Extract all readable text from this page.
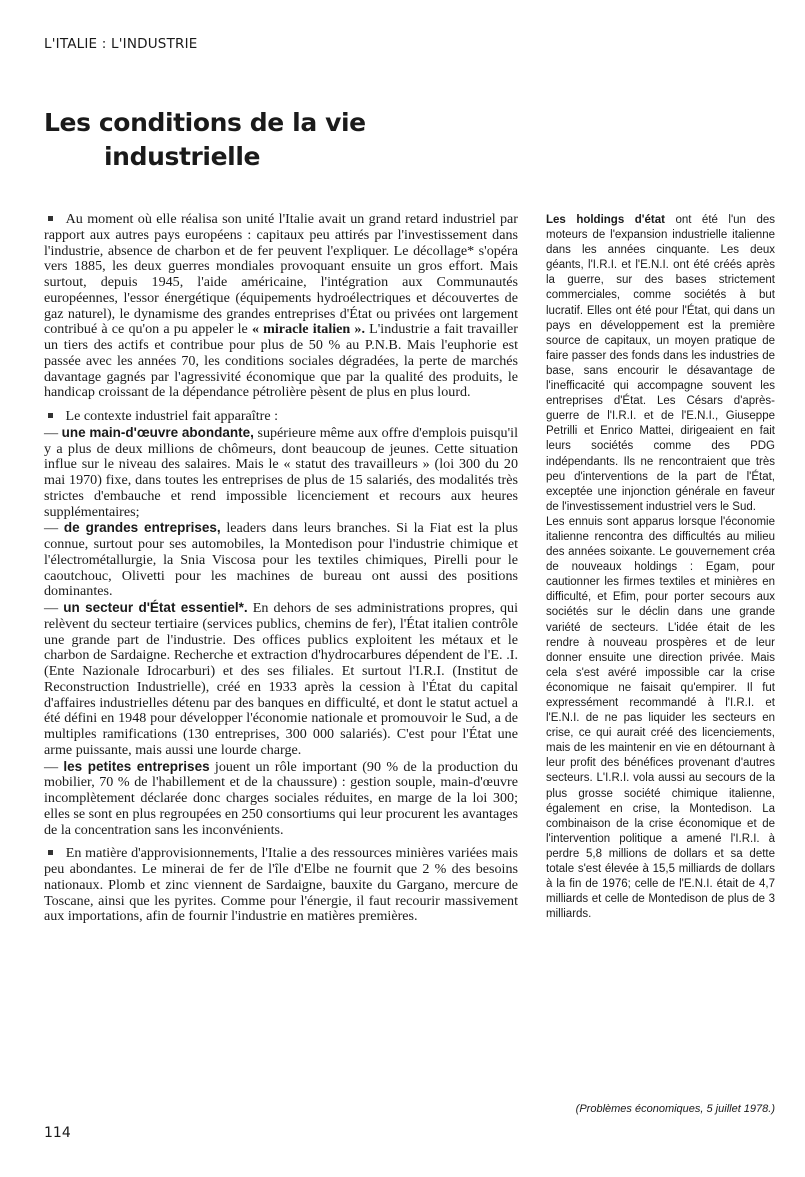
L'ITALIE : L'INDUSTRIE
Les conditions de la vie
industrielle

Au moment où elle réalisa son unité l'Italie avait un grand retard industriel par rapport aux autres pays européens : capitaux peu attirés par l'investissement dans l'industrie, absence de charbon et de fer peuvent l'expliquer. Le décollage* s'opéra vers 1885, les deux guerres mondiales provoquant ensuite un gros effort. Mais surtout, depuis 1945, l'aide américaine, l'intégration aux Communautés européennes, l'essor énergétique (équipements hydroélectriques et découvertes de gaz naturel), le dynamisme des grandes entreprises d'État ou privées ont largement contribué à ce qu'on a pu appeler le « miracle italien ». L'industrie a fait travailler un tiers des actifs et contribue pour plus de 50 % au P.N.B. Mais l'euphorie est passée avec les années 70, les conditions sociales dégradées, la perte de marchés davantage gagnés par l'agressivité économique que par la qualité des produits, le handicap croissant de la dépendance pétrolière pèsent de plus en plus lourd.

Le contexte industriel fait apparaître :
— une main-d'œuvre abondante, supérieure même aux offre d'emplois puisqu'il y a plus de deux millions de chômeurs, dont beaucoup de jeunes. Cette situation influe sur le niveau des salaires. Mais le « statut des travailleurs » (loi 300 du 20 mai 1970) fixe, dans toutes les entreprises de plus de 15 salariés, des modalités très strictes d'embauche et rend impossible licenciement et recours aux heures supplémentaires;
— de grandes entreprises, leaders dans leurs branches. Si la Fiat est la plus connue, surtout pour ses automobiles, la Montedison pour l'industrie chimique et l'électrométallurgie, la Snia Viscosa pour les textiles chimiques, Pirelli pour le caoutchouc, Olivetti pour les machines de bureau ont aussi des positions dominantes.
— un secteur d'État essentiel*. En dehors de ses administrations propres, qui relèvent du secteur tertiaire (services publics, chemins de fer), l'État italien contrôle une grande part de l'industrie. Des offices publics exploitent les métaux et le charbon de Sardaigne. Recherche et extraction d'hydrocarbures dépendent de l'E. .I. (Ente Nazionale Idrocarburi) et des ses filiales. Et surtout l'I.R.I. (Institut de Reconstruction Industrielle), créé en 1933 après la cession à l'État du capital d'affaires industrielles détenu par des banques en difficulté, et dont le statut actuel a été défini en 1948 pour développer l'économie nationale et promouvoir le Sud, a de multiples ramifications (130 entreprises, 300 000 salariés). C'est pour l'État une arme puissante, mais aussi une lourde charge.
— les petites entreprises jouent un rôle important (90 % de la production du mobilier, 70 % de l'habillement et de la chaussure) : gestion souple, main-d'œuvre incomplètement déclarée donc charges sociales réduites, en marge de la loi 300; elles se sont en plus regroupées en 250 consortiums qui leur procurent les avantages de la concentration sans les inconvénients.

En matière d'approvisionnements, l'Italie a des ressources minières variées mais peu abondantes. Le minerai de fer de l'île d'Elbe ne fournit que 2 % des besoins nationaux. Plomb et zinc viennent de Sardaigne, bauxite du Gargano, mercure de Toscane, ainsi que les pyrites. Comme pour l'énergie, il faut recourir massivement aux importations, afin de fournir l'industrie en matières premières.

Les holdings d'état ont été l'un des moteurs de l'expansion industrielle italienne dans les années cinquante. Les deux géants, l'I.R.I. et l'E.N.I. ont été créés après la guerre, sur des bases strictement commerciales, comme sociétés à but lucratif. Elles ont été pour l'État, qui dans un pays en développement est la première source de capitaux, un moyen pratique de faire passer des fonds dans les industries de base, sans encourir le désavantage de l'inefficacité qui accompagne souvent les entreprises d'État. Les Césars d'après-guerre de l'I.R.I. et de l'E.N.I., Giuseppe Petrilli et Enrico Mattei, dirigeaient en fait leurs sociétés comme des PDG indépendants. Ils ne rencontraient que très peu d'interventions de la part de l'État, exceptée une injonction générale en faveur de l'investissement industriel vers le Sud.

Les ennuis sont apparus lorsque l'économie italienne rencontra des difficultés au milieu des années soixante. Le gouvernement créa de nouveaux holdings : Egam, pour cautionner les firmes textiles et minières en difficulté, et Efim, pour porter secours aux sociétés sur le déclin dans une grande variété de secteurs. L'idée était de les rendre à nouveau prospères et de leur donner ensuite une direction privée. Mais cela s'est avéré impossible car la crise économique ne faisait qu'empirer. Il fut expressément recommandé à l'I.R.I. et l'E.N.I. de ne pas liquider les secteurs en crise, ce qui aurait créé des licenciements, mais de les maintenir en vie en détournant à leur profit des bénéfices provenant d'autres secteurs. L'I.R.I. vola aussi au secours de la plus grosse société chimique italienne, également en crise, la Montedison. La combinaison de la crise économique et de l'intervention politique a amené l'I.R.I. à perdre 5,8 millions de dollars et sa dette totale s'est élevée à 15,5 milliards de dollars à la fin de 1976; celle de l'E.N.I. était de 4,7 milliards et celle de Montedison de plus de 3 milliards.

(Problèmes économiques, 5 juillet 1978.)
114
